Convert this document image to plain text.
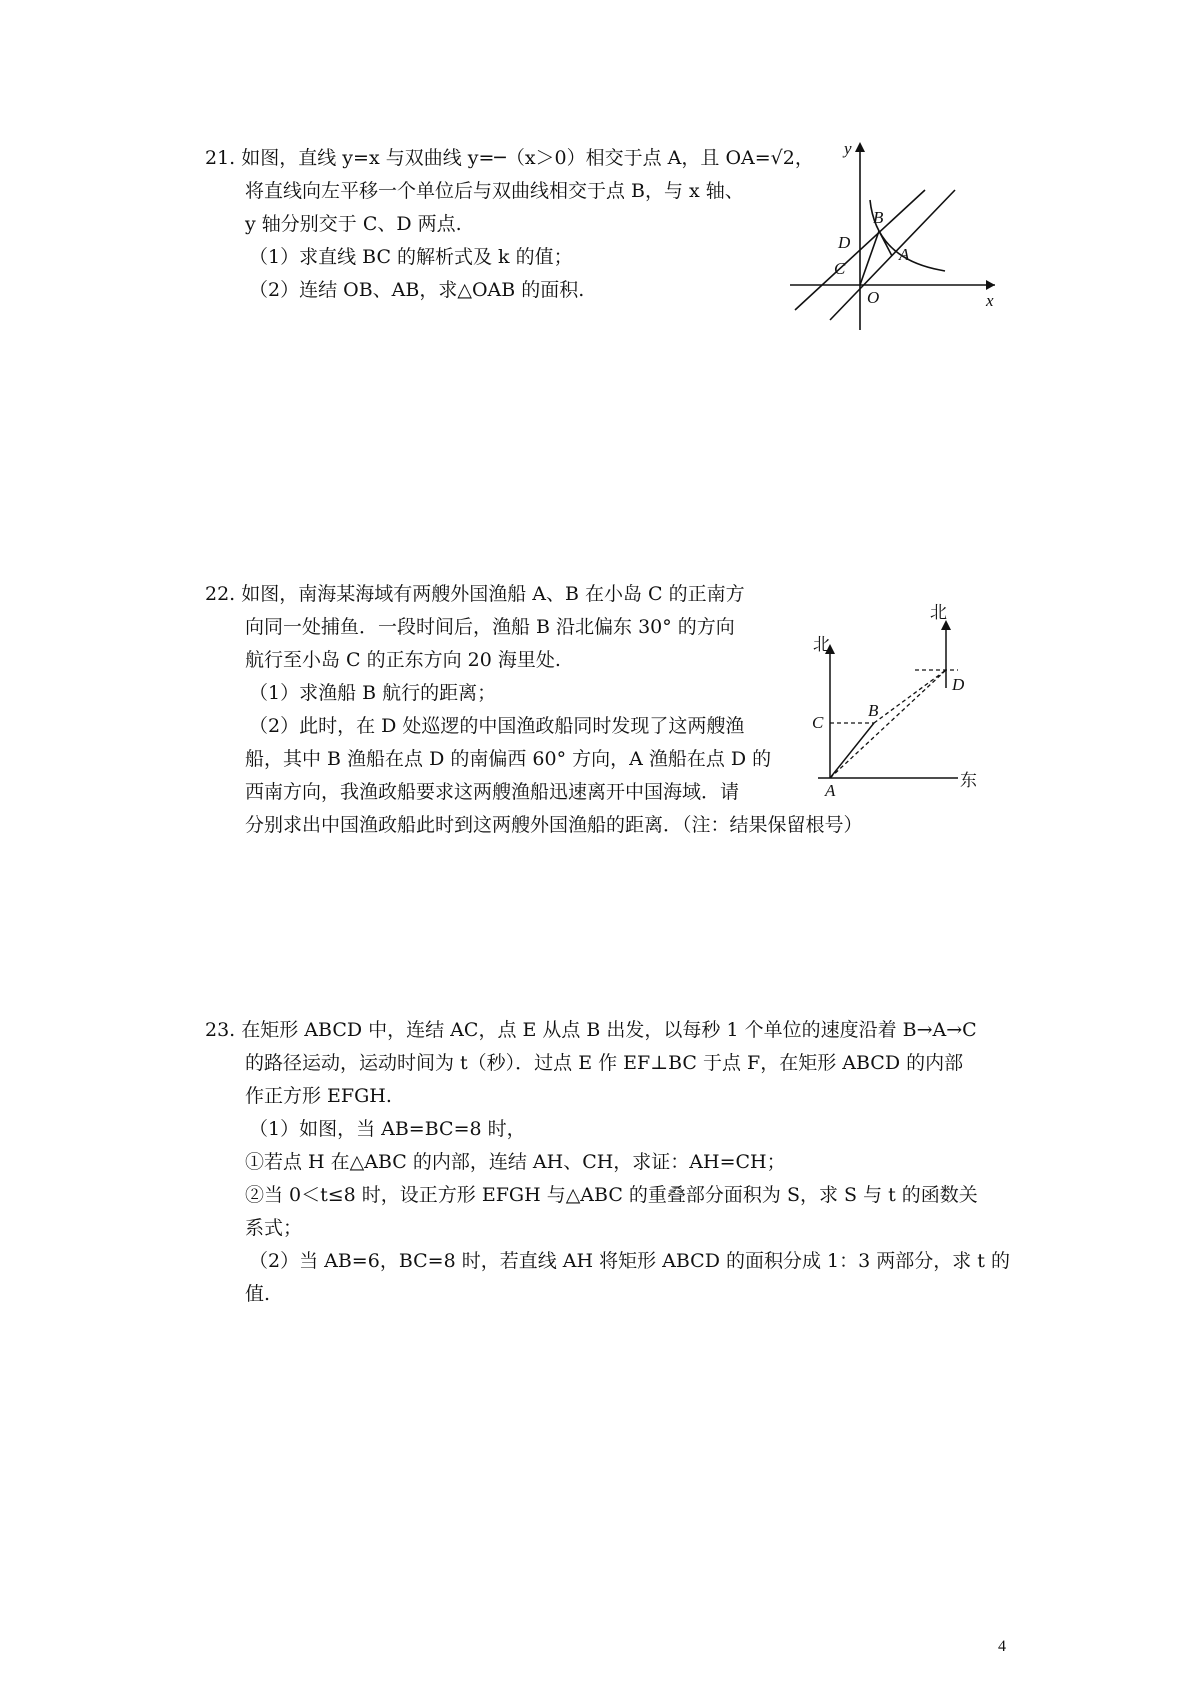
21. 如图，直线 y=x 与双曲线 y=─（x＞0）相交于点 A，且 OA=√2，
将直线向左平移一个单位后与双曲线相交于点 B，与 x 轴、
y 轴分别交于 C、D 两点.
（1）求直线 BC 的解析式及 k 的值；
（2）连结 OB、AB，求△OAB 的面积.
C
D
B
A
O	x
y
22. 如图，南海某海域有两艘外国渔船 A、B 在小岛 C 的正南方
向同一处捕鱼．一段时间后，渔船 B 沿北偏东 30° 的方向
航行至小岛 C 的正东方向 20 海里处.
（1）求渔船 B 航行的距离；
（2）此时，在 D 处巡逻的中国渔政船同时发现了这两艘渔
船，其中 B 渔船在点 D 的南偏西 60° 方向，A 渔船在点 D 的
西南方向，我渔政船要求这两艘渔船迅速离开中国海域．请
分别求出中国渔政船此时到这两艘外国渔船的距离．（注：结果保留根号）
北
北
东
C
B
D
A
23. 在矩形 ABCD 中，连结 AC，点 E 从点 B 出发，以每秒 1 个单位的速度沿着 B→A→C
的路径运动，运动时间为 t（秒）．过点 E 作 EF⊥BC 于点 F，在矩形 ABCD 的内部
作正方形 EFGH.
（1）如图，当 AB=BC=8 时，
①若点 H 在△ABC 的内部，连结 AH、CH，求证：AH=CH；
②当 0＜t≤8 时，设正方形 EFGH 与△ABC 的重叠部分面积为 S，求 S 与 t 的函数关
系式；
（2）当 AB=6，BC=8 时，若直线 AH 将矩形 ABCD 的面积分成 1：3 两部分，求 t 的
值.
4
